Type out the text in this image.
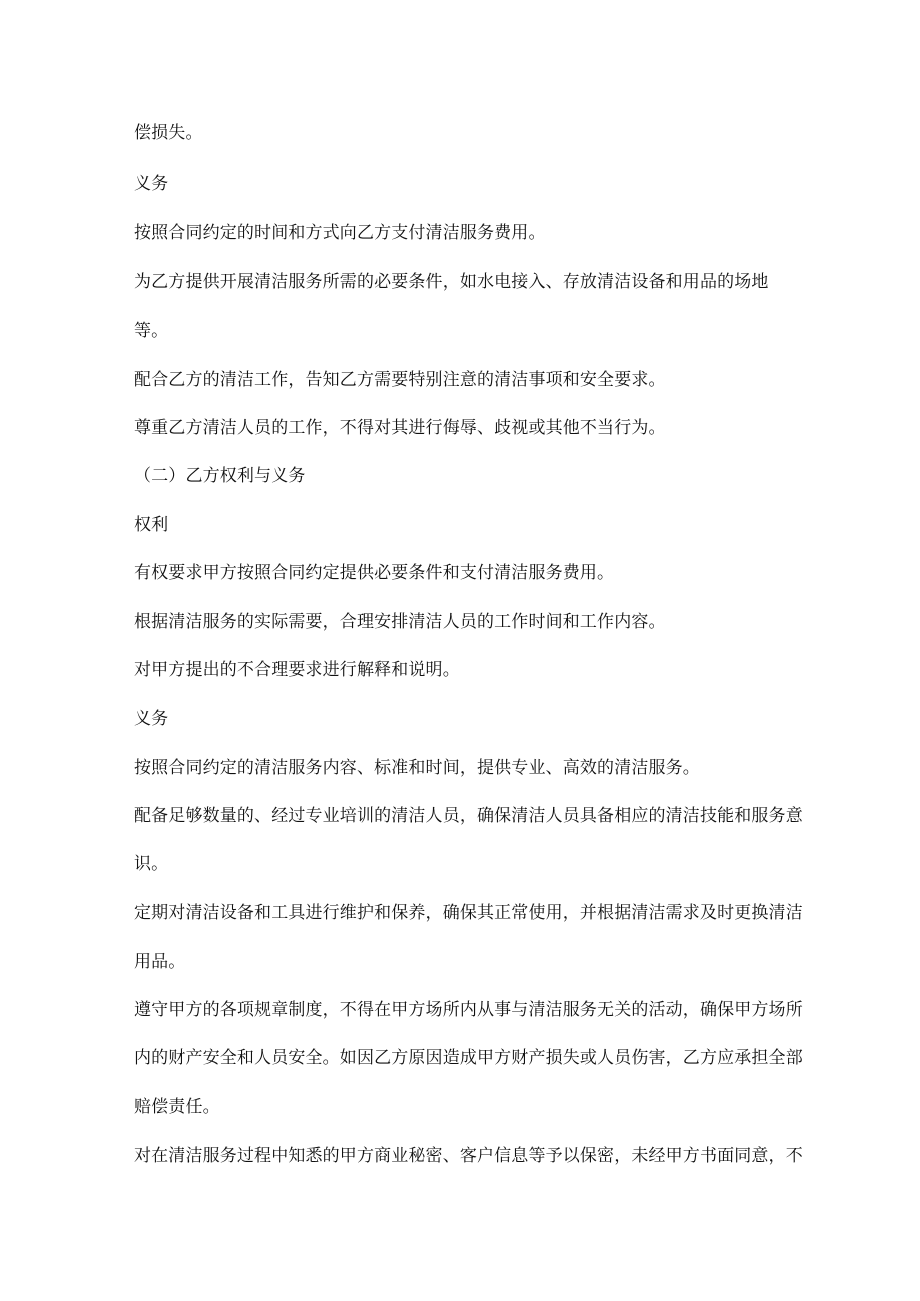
偿损失。

义务

按照合同约定的时间和方式向乙方支付清洁服务费用。

为乙方提供开展清洁服务所需的必要条件，如水电接入、存放清洁设备和用品的场地

等。

配合乙方的清洁工作，告知乙方需要特别注意的清洁事项和安全要求。

尊重乙方清洁人员的工作，不得对其进行侮辱、歧视或其他不当行为。

（二）乙方权利与义务

权利

有权要求甲方按照合同约定提供必要条件和支付清洁服务费用。

根据清洁服务的实际需要，合理安排清洁人员的工作时间和工作内容。

对甲方提出的不合理要求进行解释和说明。

义务

按照合同约定的清洁服务内容、标准和时间，提供专业、高效的清洁服务。

配备足够数量的、经过专业培训的清洁人员，确保清洁人员具备相应的清洁技能和服务意

识。

定期对清洁设备和工具进行维护和保养，确保其正常使用，并根据清洁需求及时更换清洁

用品。

遵守甲方的各项规章制度，不得在甲方场所内从事与清洁服务无关的活动，确保甲方场所

内的财产安全和人员安全。如因乙方原因造成甲方财产损失或人员伤害，乙方应承担全部

赔偿责任。

对在清洁服务过程中知悉的甲方商业秘密、客户信息等予以保密，未经甲方书面同意，不
